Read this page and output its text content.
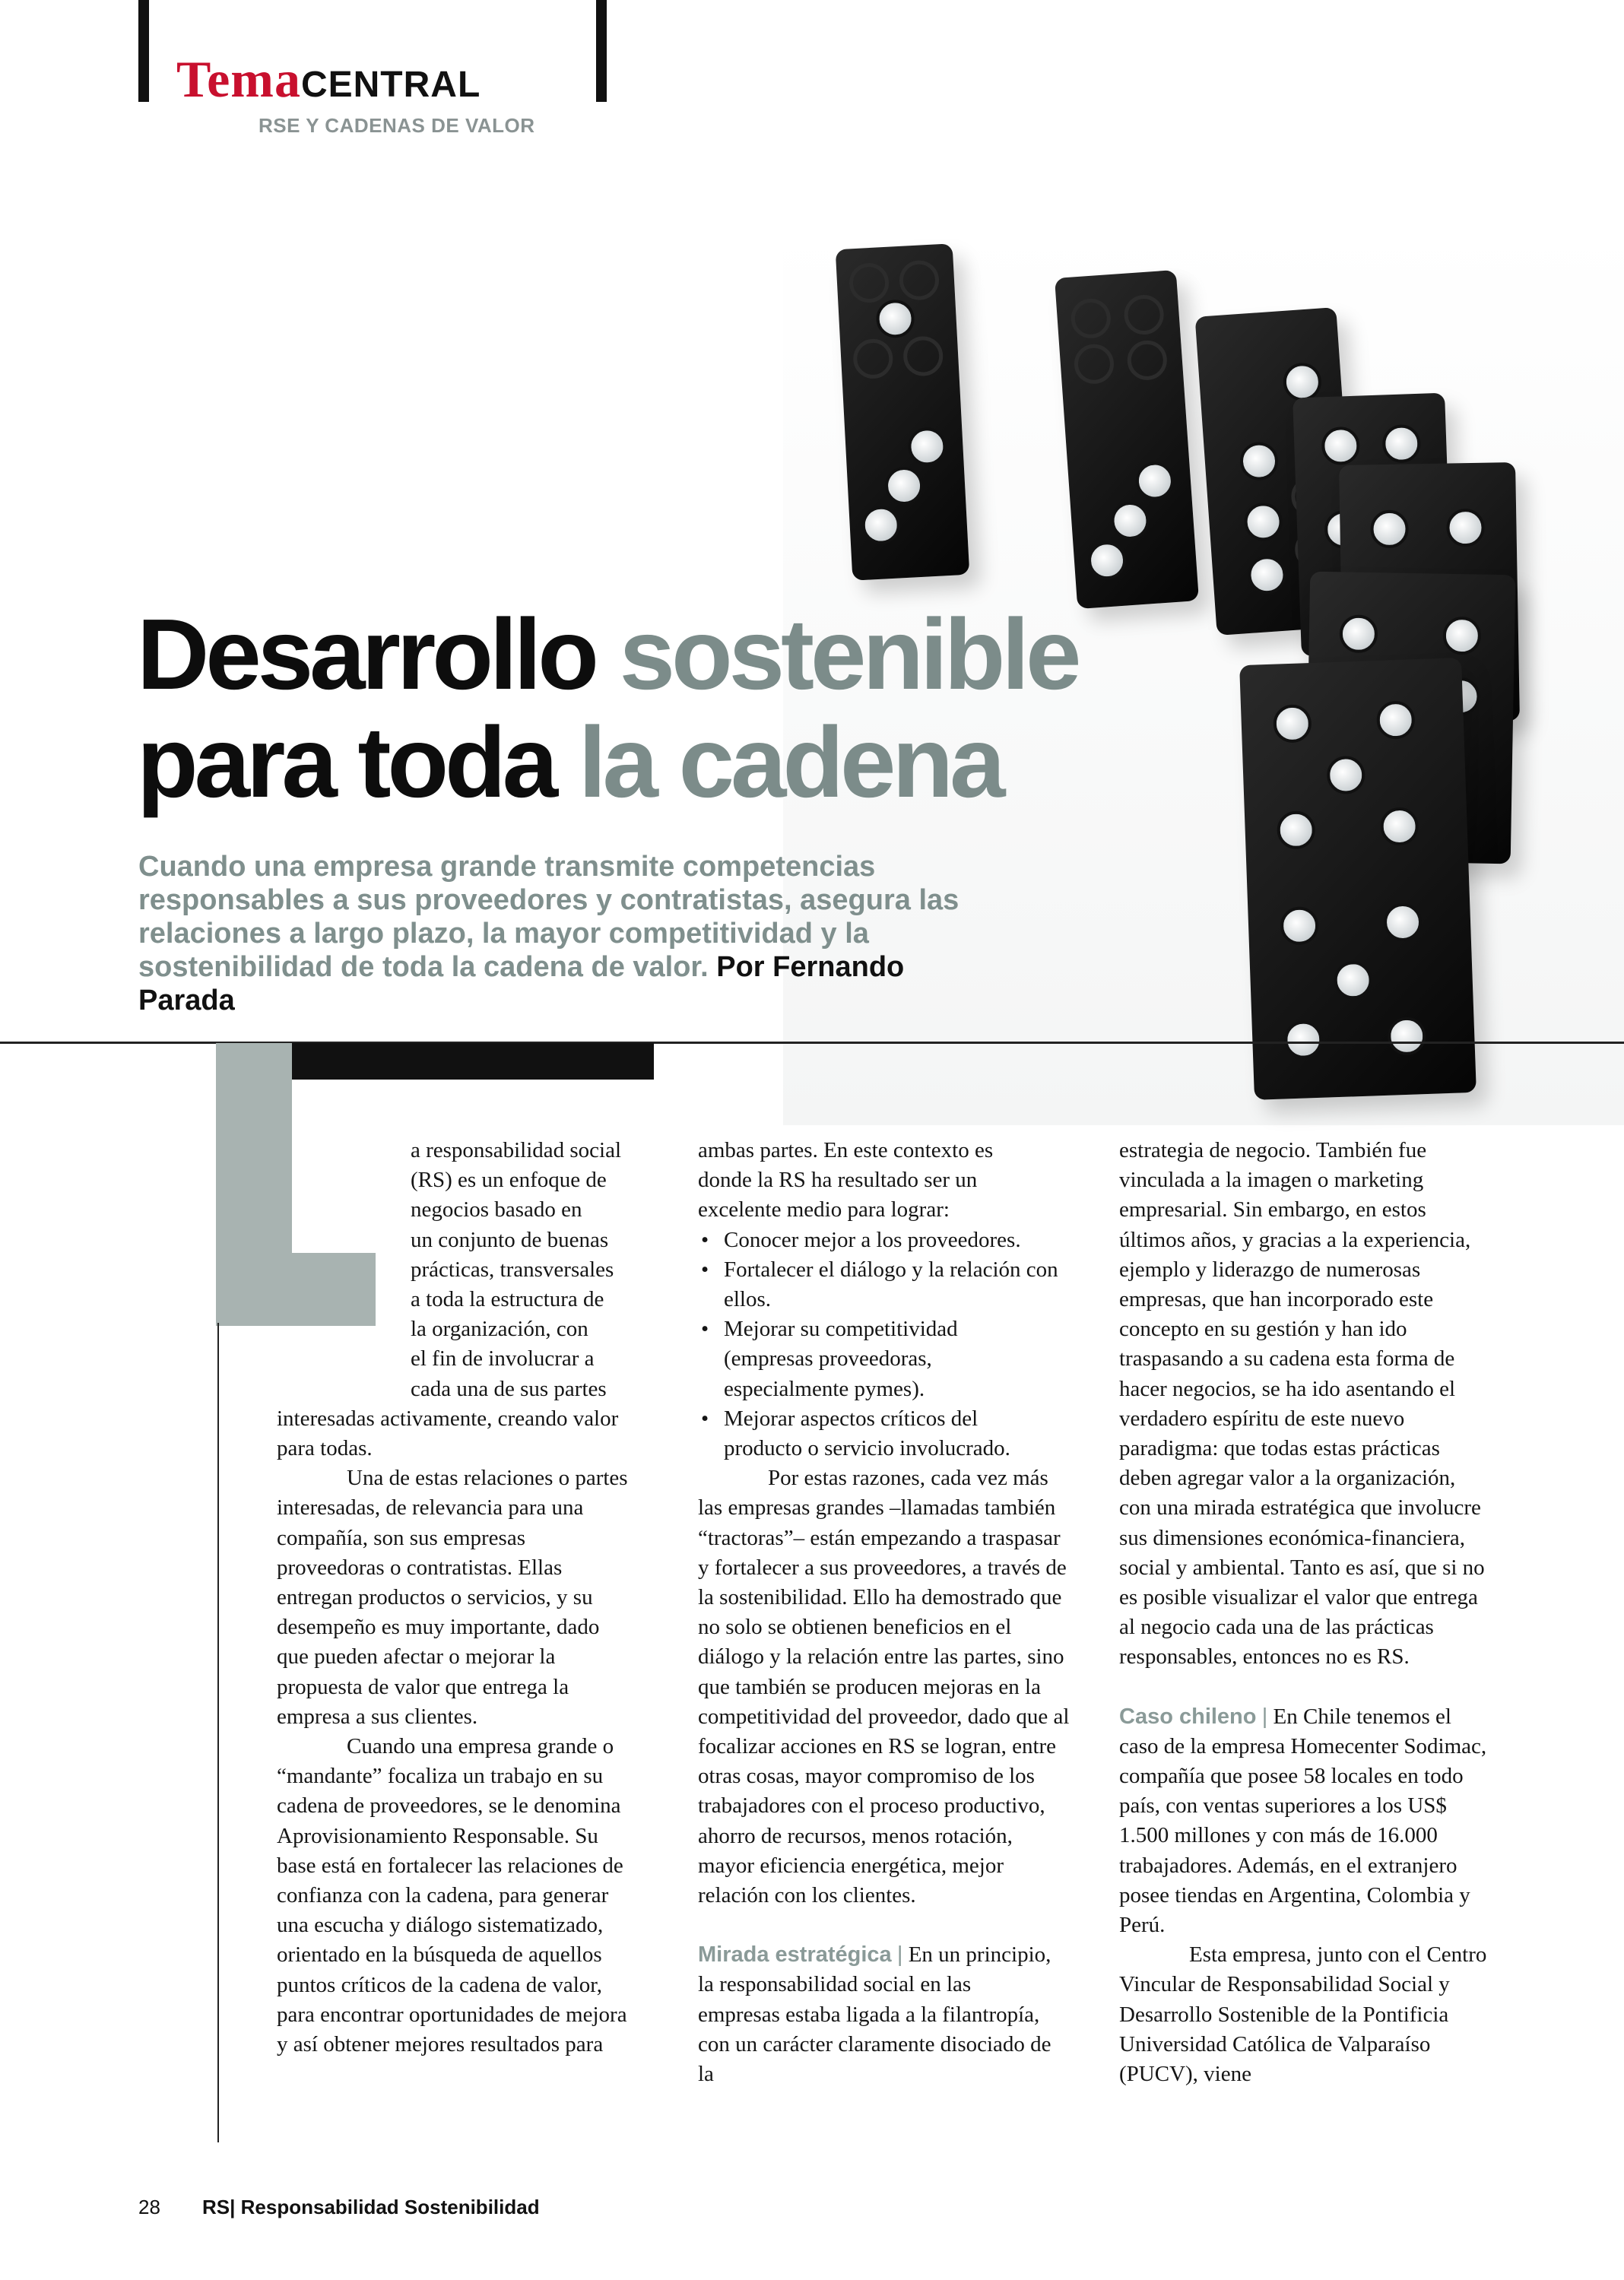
Temacentral
RSE Y CADENAS DE VALOR
Desarrollo sostenible
para toda la cadena
Cuando una empresa grande transmite competencias responsables a sus proveedores y contratistas, asegura las relaciones a largo plazo, la mayor competitividad y la sostenibilidad de toda la cadena de valor. Por Fernando Parada
a responsabilidad social
(RS) es un enfoque de
negocios basado en
un conjunto de buenas
prácticas, transversales
a toda la estructura de
la organización, con
el fin de involucrar a
cada una de sus partes

interesadas activamente, creando valor para todas.

Una de estas relaciones o partes interesadas, de relevancia para una compañía, son sus empresas proveedoras o contratistas. Ellas entregan productos o servicios, y su desempeño es muy importante, dado que pueden afectar o mejorar la propuesta de valor que entrega la empresa a sus clientes.

Cuando una empresa grande o “mandante” focaliza un trabajo en su cadena de proveedores, se le denomina Aprovisionamiento Responsable. Su base está en fortalecer las relaciones de confianza con la cadena, para generar una escucha y diálogo sistematizado, orientado en la búsqueda de aquellos puntos críticos de la cadena de valor, para encontrar oportunidades de mejora y así obtener mejores resultados para

ambas partes. En este contexto es donde la RS ha resultado ser un excelente medio para lograr:

• Conocer mejor a los proveedores.
• Fortalecer el diálogo y la relación con ellos.
• Mejorar su competitividad (empresas proveedoras, especialmente pymes).
• Mejorar aspectos críticos del producto o servicio involucrado.

Por estas razones, cada vez más las empresas grandes –llamadas también “tractoras”– están empezando a traspasar y fortalecer a sus proveedores, a través de la sostenibilidad. Ello ha demostrado que no solo se obtienen beneficios en el diálogo y la relación entre las partes, sino que también se producen mejoras en la competitividad del proveedor, dado que al focalizar acciones en RS se logran, entre otras cosas, mayor compromiso de los trabajadores con el proceso productivo, ahorro de recursos, menos rotación, mayor eficiencia energética, mejor relación con los clientes.

Mirada estratégica | En un principio, la responsabilidad social en las empresas estaba ligada a la filantropía, con un carácter claramente disociado de la

estrategia de negocio. También fue vinculada a la imagen o marketing empresarial. Sin embargo, en estos últimos años, y gracias a la experiencia, ejemplo y liderazgo de numerosas empresas, que han incorporado este concepto en su gestión y han ido traspasando a su cadena esta forma de hacer negocios, se ha ido asentando el verdadero espíritu de este nuevo paradigma: que todas estas prácticas deben agregar valor a la organización, con una mirada estratégica que involucre sus dimensiones económica-financiera, social y ambiental. Tanto es así, que si no es posible visualizar el valor que entrega al negocio cada una de las prácticas responsables, entonces no es RS.

Caso chileno | En Chile tenemos el caso de la empresa Homecenter Sodimac, compañía que posee 58 locales en todo país, con ventas superiores a los US$ 1.500 millones y con más de 16.000 trabajadores. Además, en el extranjero posee tiendas en Argentina, Colombia y Perú.

Esta empresa, junto con el Centro Vincular de Responsabilidad Social y Desarrollo Sostenible de la Pontificia Universidad Católica de Valparaíso (PUCV), viene

28 RS| Responsabilidad Sostenibilidad
